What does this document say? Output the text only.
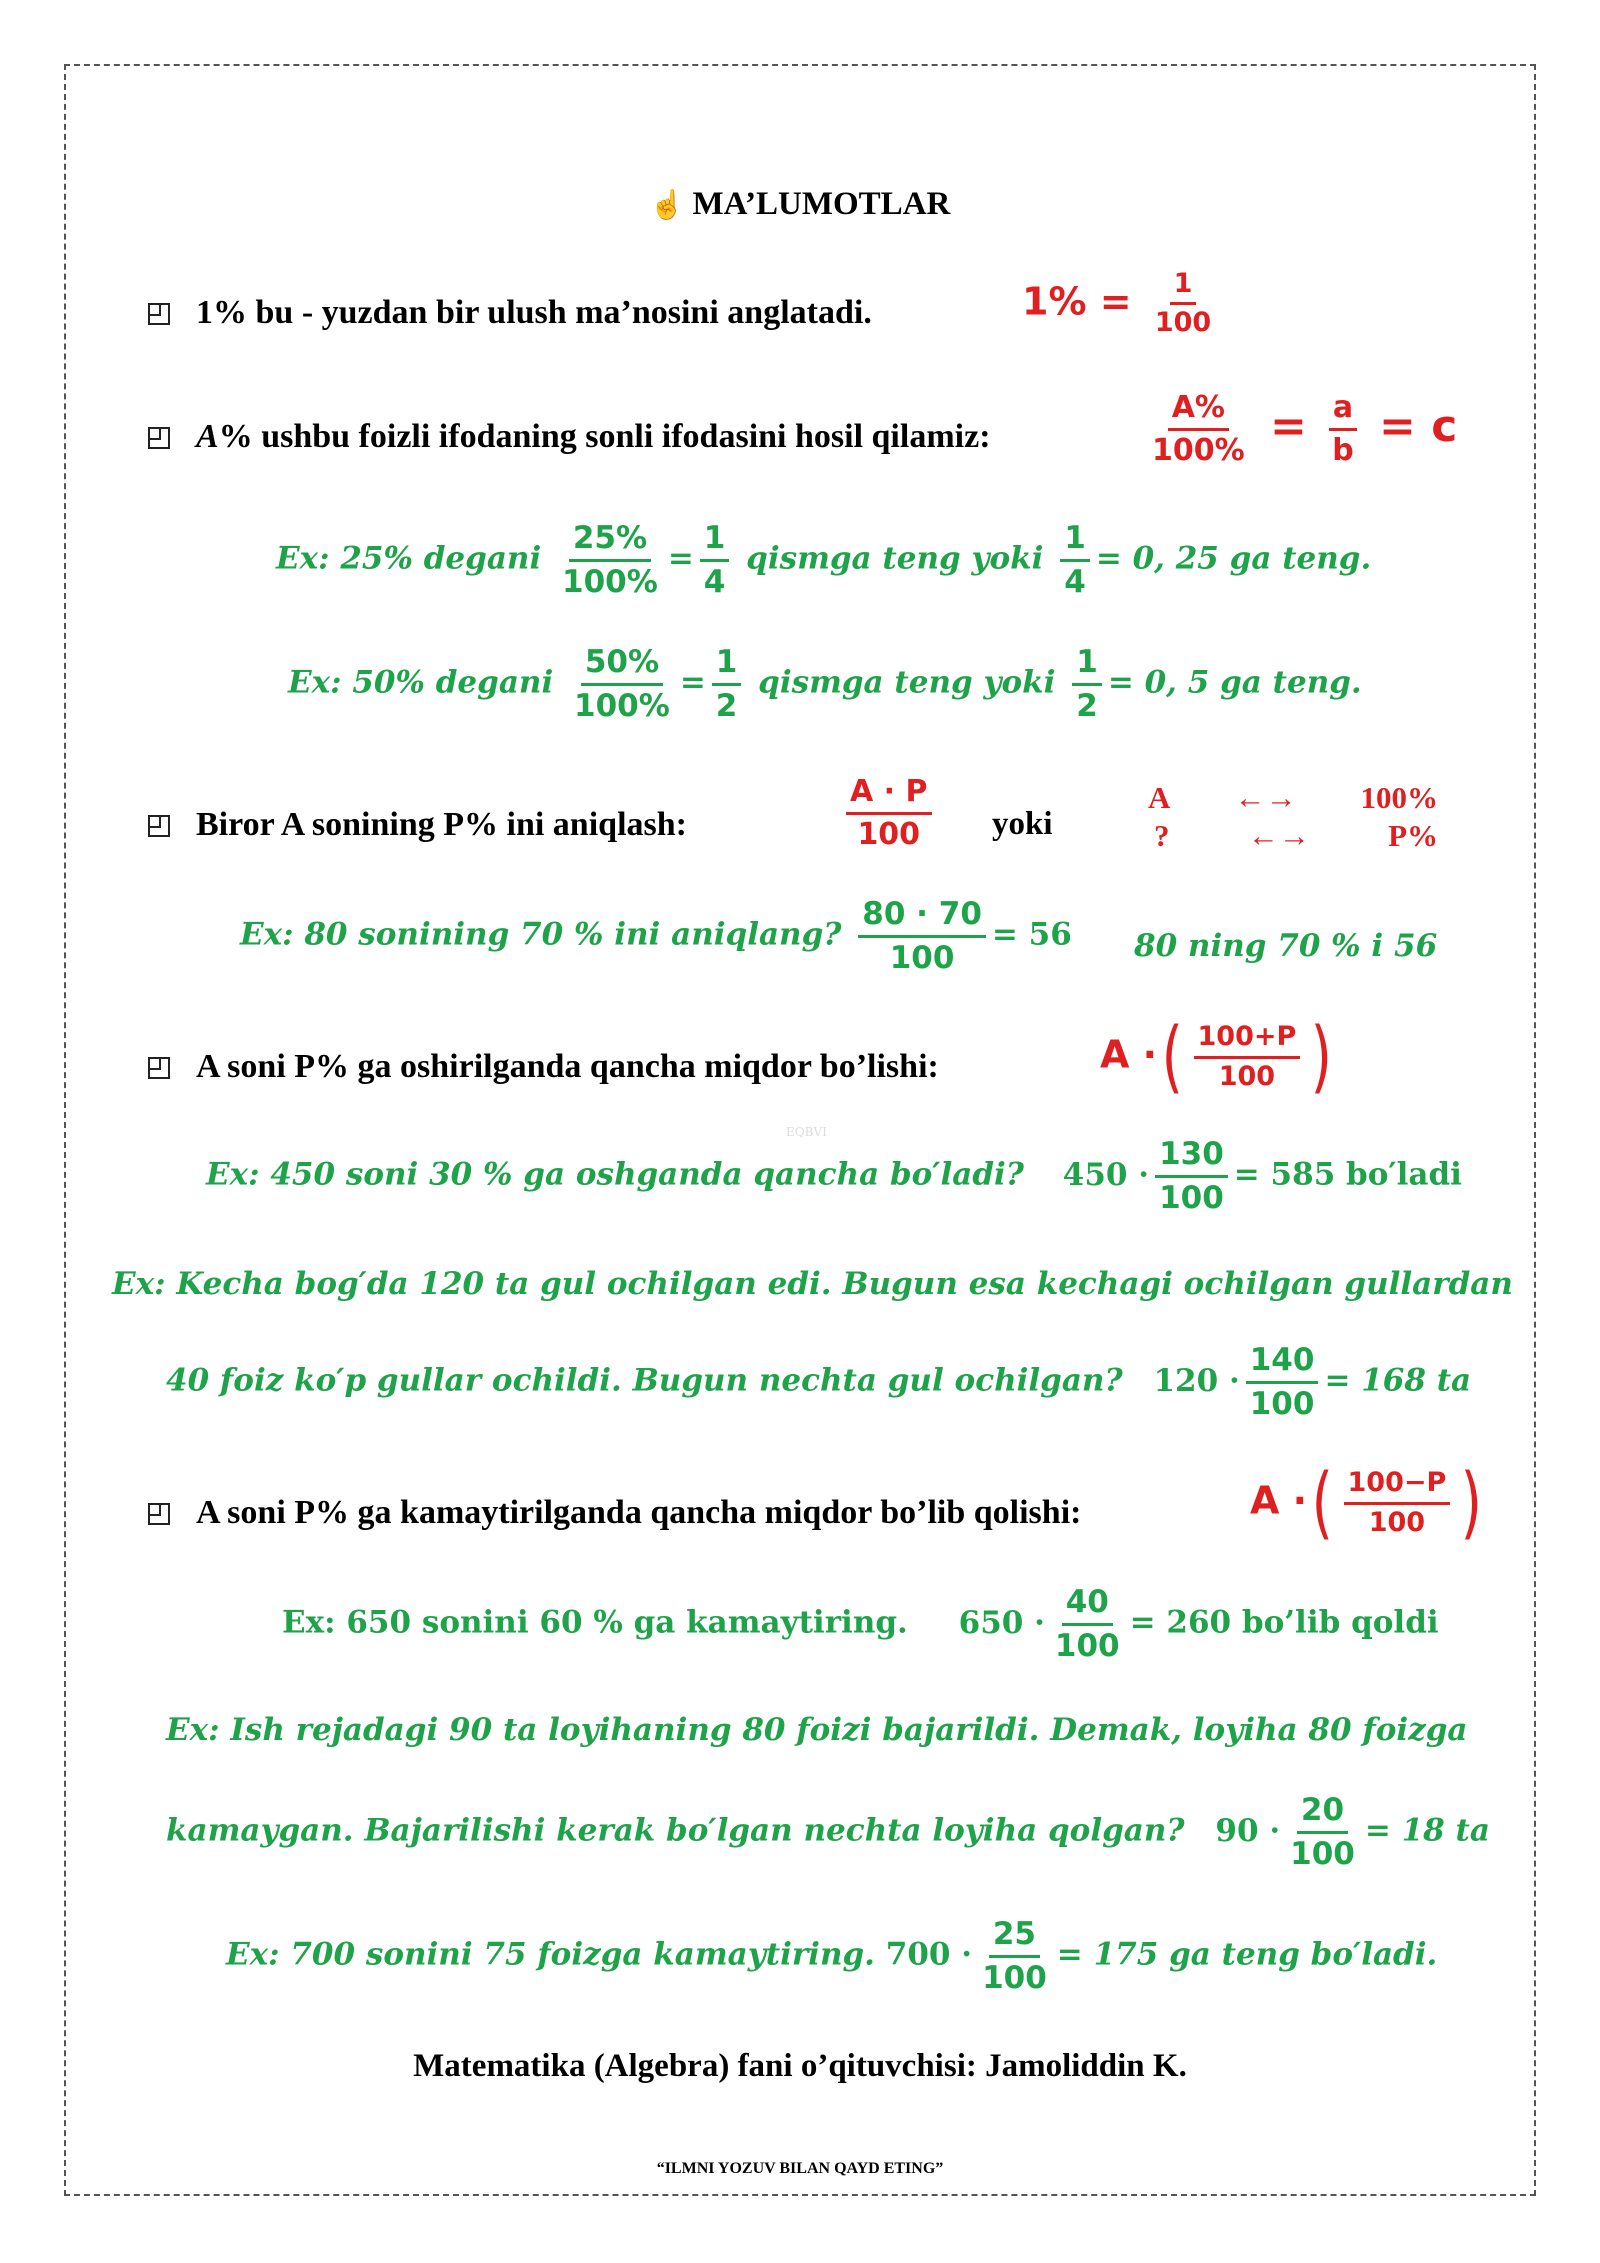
☝ MA’LUMOTLAR
EQBVI
1% bu - yuzdan bir ulush ma’nosini anglatadi.	$1\% = \frac{1}{100}$
A% ushbu foizli ifodaning sonli ifodasini hosil qilamiz:	$\frac{A\%}{100\%} = \frac{a}{b} = c$
Ex: 25% degani $\frac{25\%}{100\%} = \frac{1}{4}$ qismga teng yoki $\frac{1}{4} = 0$, 25 ga teng.
Ex: 50% degani $\frac{50\%}{100\%} = \frac{1}{2}$ qismga teng yoki $\frac{1}{2} = 0$, 5 ga teng.
Biror A sonining P% ini aniqlash:	$\frac{A \cdot P}{100}$ yoki
A ←→ 100%
?	←→	P%
Ex: 80 sonining 70 % ini aniqlang? $\frac{80 \cdot 70}{100} = 56$ 80 ning 70 % i 56
A soni P% ga oshirilganda qancha miqdor bo’lishi:	A ·( $\frac{100+P}{100}$ )
Ex: 450 soni 30 % ga oshganda qancha bo′ladi? $450 \cdot \frac{130}{100} = 585$ bo′ladi
Ex: Kecha bog′da 120 ta gul ochilgan edi. Bugun esa kechagi ochilgan gullardan
40 foiz ko′p gullar ochildi. Bugun nechta gul ochilgan? $120 \cdot \frac{140}{100} = 168$ ta
A soni P% ga kamaytirilganda qancha miqdor bo’lib qolishi:	A ·( $\frac{100-P}{100}$ )
Ex: 650 sonini 60 % ga kamaytiring. $650 \cdot \frac{40}{100} = 260$ bo’lib qoldi
Ex: Ish rejadagi 90 ta loyihaning 80 foizi bajarildi. Demak, loyiha 80 foizga
kamaygan. Bajarilishi kerak bo′lgan nechta loyiha qolgan? $90 \cdot \frac{20}{100} = 18$ ta
Ex: 700 sonini 75 foizga kamaytiring. $700 \cdot \frac{25}{100} = 175$ ga teng bo′ladi.
Matematika (Algebra) fani o’qituvchisi: Jamoliddin K.
“ILMNI YOZUV BILAN QAYD ETING”
